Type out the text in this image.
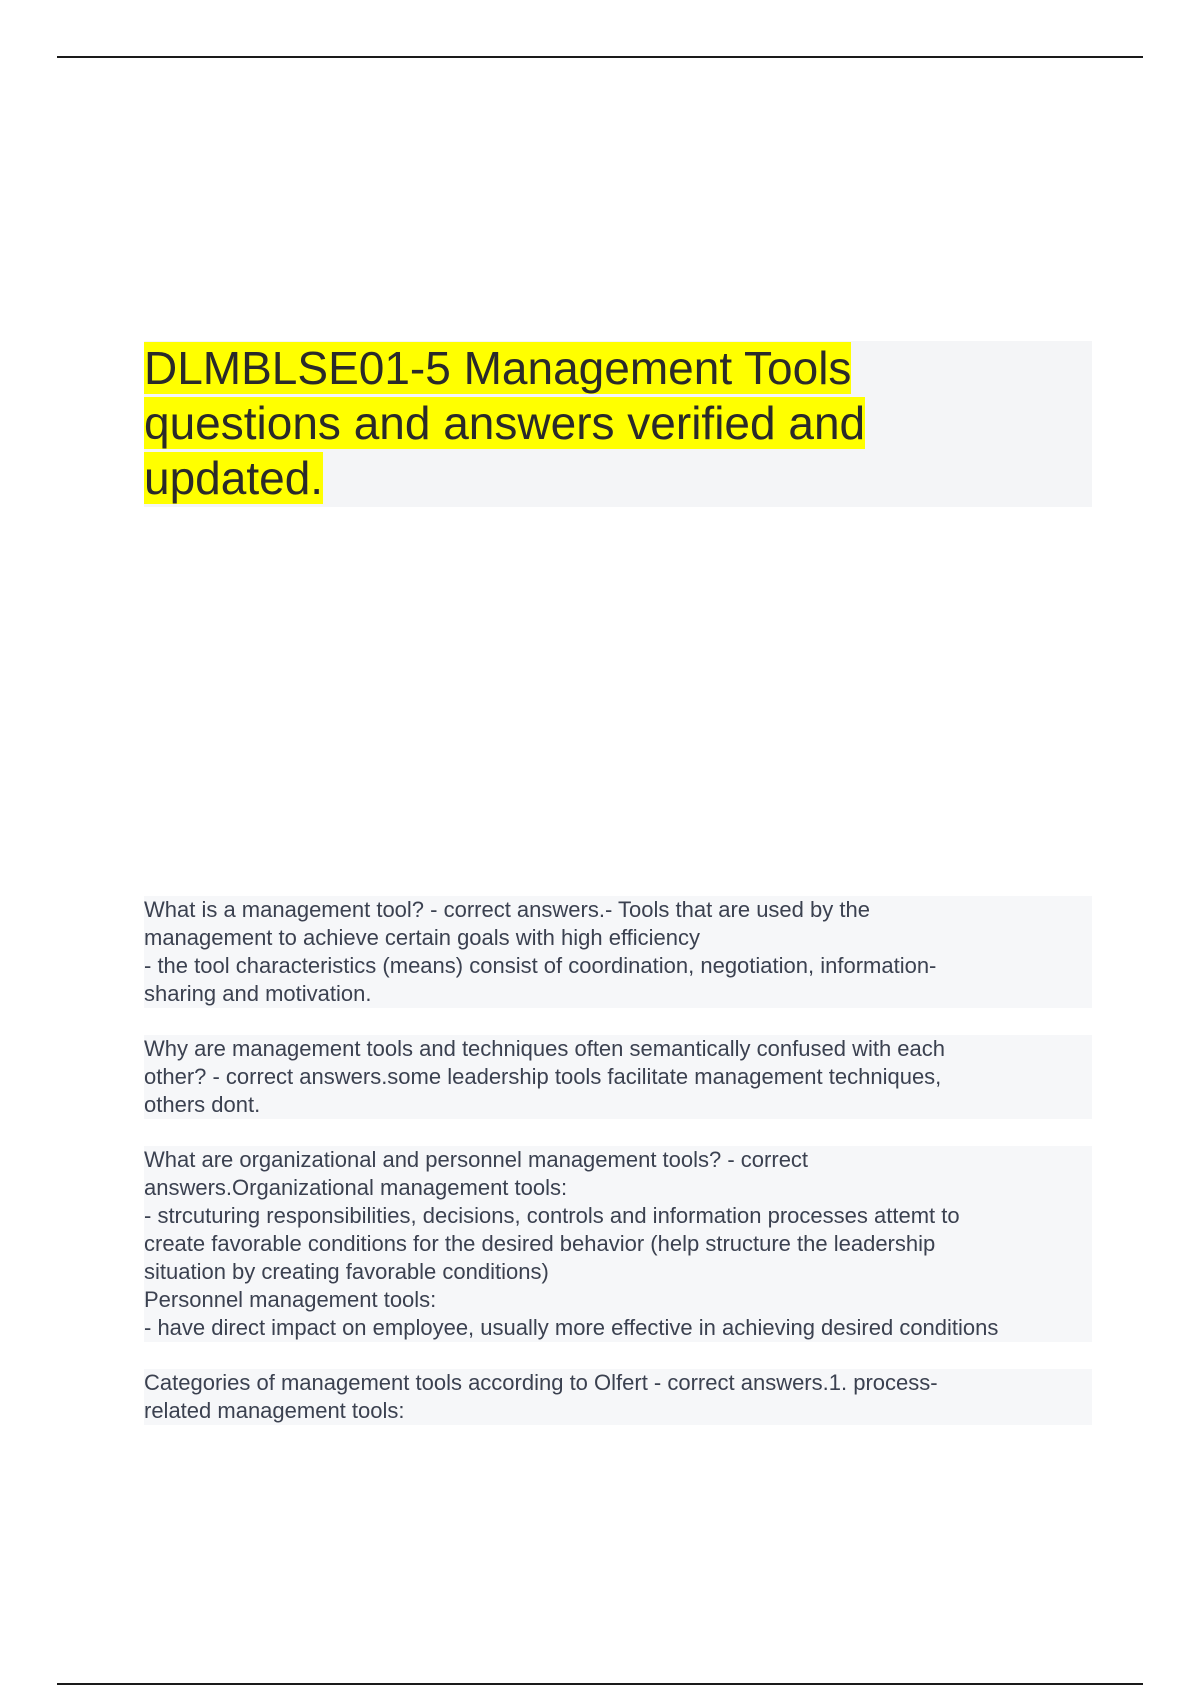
DLMBLSE01-5 Management Tools
questions and answers verified and
updated.
What is a management tool? - correct answers.- Tools that are used by the
management to achieve certain goals with high efficiency
- the tool characteristics (means) consist of coordination, negotiation, information-
sharing and motivation.
Why are management tools and techniques often semantically confused with each
other? - correct answers.some leadership tools facilitate management techniques,
others dont.
What are organizational and personnel management tools? - correct
answers.Organizational management tools:
- strcuturing responsibilities, decisions, controls and information processes attemt to
create favorable conditions for the desired behavior (help structure the leadership
situation by creating favorable conditions)
Personnel management tools:
- have direct impact on employee, usually more effective in achieving desired conditions
Categories of management tools according to Olfert - correct answers.1. process-
related management tools:
